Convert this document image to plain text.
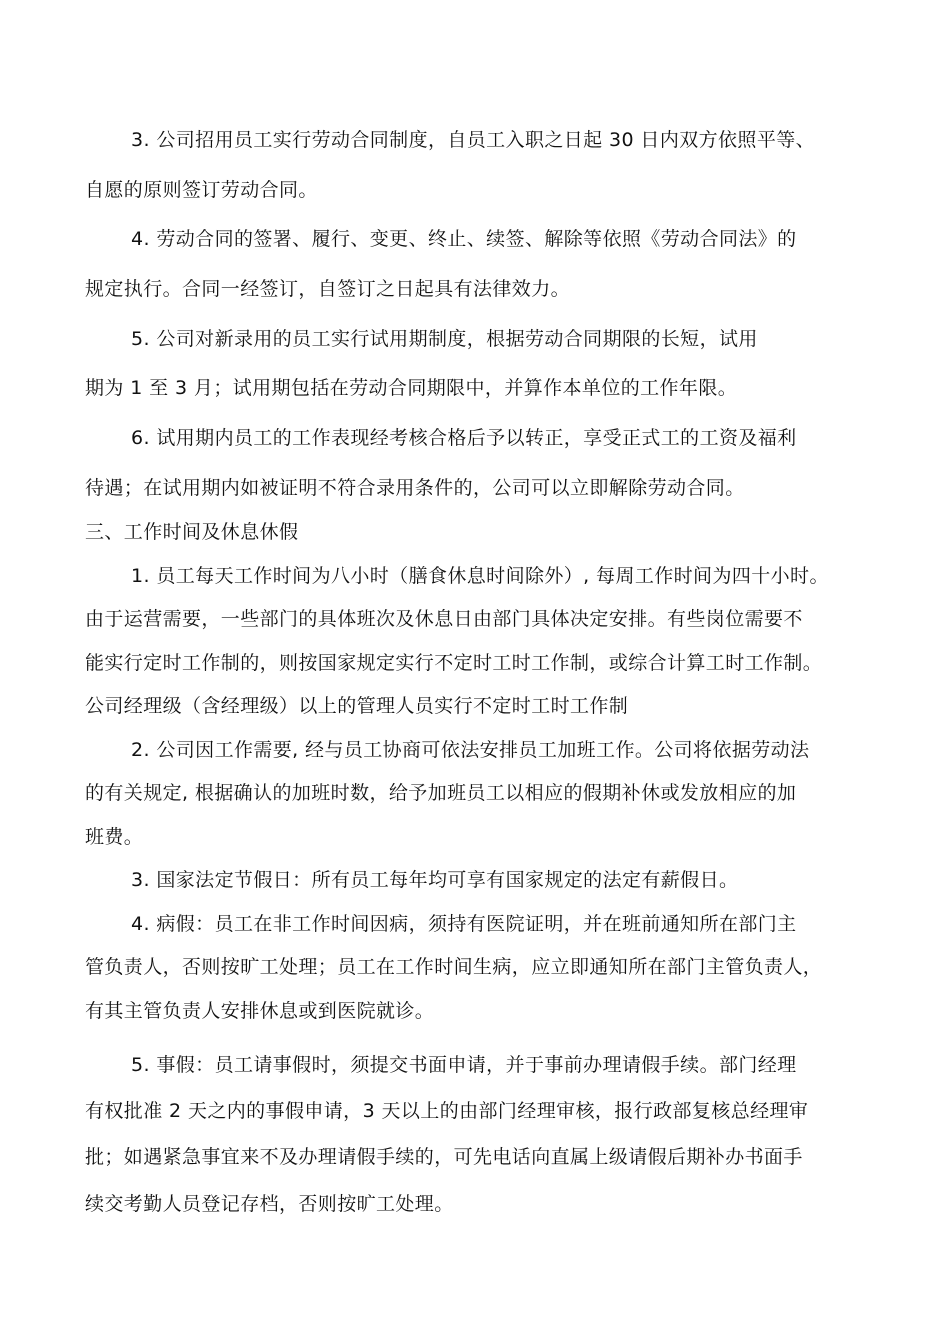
3. 公司招用员工实行劳动合同制度，自员工入职之日起 30 日内双方依照平等、
自愿的原则签订劳动合同。
4. 劳动合同的签署、履行、变更、终止、续签、解除等依照《劳动合同法》的
规定执行。合同一经签订，自签订之日起具有法律效力。
5. 公司对新录用的员工实行试用期制度，根据劳动合同期限的长短，试用
期为 1 至 3 月；试用期包括在劳动合同期限中，并算作本单位的工作年限。
6. 试用期内员工的工作表现经考核合格后予以转正，享受正式工的工资及福利
待遇；在试用期内如被证明不符合录用条件的，公司可以立即解除劳动合同。
三、工作时间及休息休假
1. 员工每天工作时间为八小时（膳食休息时间除外）, 每周工作时间为四十小时。
由于运营需要，一些部门的具体班次及休息日由部门具体决定安排。有些岗位需要不
能实行定时工作制的，则按国家规定实行不定时工时工作制，或综合计算工时工作制。
公司经理级（含经理级）以上的管理人员实行不定时工时工作制
2. 公司因工作需要, 经与员工协商可依法安排员工加班工作。公司将依据劳动法
的有关规定, 根据确认的加班时数，给予加班员工以相应的假期补休或发放相应的加
班费。
3. 国家法定节假日：所有员工每年均可享有国家规定的法定有薪假日。
4. 病假：员工在非工作时间因病，须持有医院证明，并在班前通知所在部门主
管负责人，否则按旷工处理；员工在工作时间生病，应立即通知所在部门主管负责人，
有其主管负责人安排休息或到医院就诊。
5. 事假：员工请事假时，须提交书面申请，并于事前办理请假手续。部门经理
有权批准 2 天之内的事假申请，3 天以上的由部门经理审核，报行政部复核总经理审
批；如遇紧急事宜来不及办理请假手续的，可先电话向直属上级请假后期补办书面手
续交考勤人员登记存档，否则按旷工处理。
